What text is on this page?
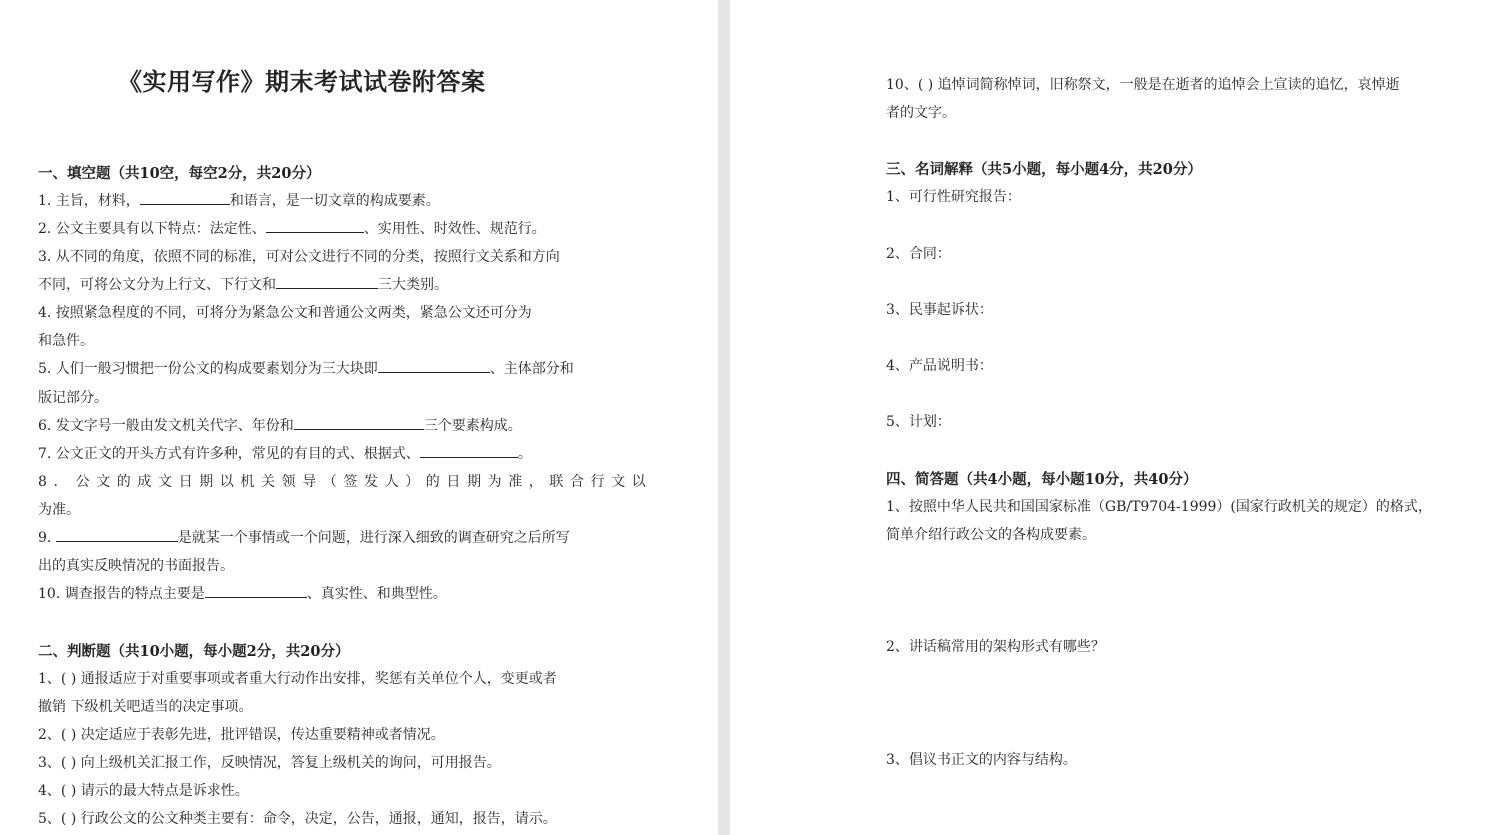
《实用写作》期末考试试卷附答案
一、填空题（共10空，每空2分，共20分）
1. 主旨，材料，	和语言，是一切文章的构成要素。
2. 公文主要具有以下特点：法定性、	、实用性、时效性、规范行。
3. 从不同的角度，依照不同的标准，可对公文进行不同的分类，按照行文关系和方向
不同，可将公文分为上行文、下行文和	三大类别。
4. 按照紧急程度的不同，可将分为紧急公文和普通公文两类，紧急公文还可分为
和急件。
5. 人们一般习惯把一份公文的构成要素划分为三大块即	、主体部分和
版记部分。
6. 发文字号一般由发文机关代字、年份和	三个要素构成。
7. 公文正文的开头方式有许多种，常见的有目的式、根据式、	。
8. 公文的成文日期以机关领导（签发人）的日期为准，联合行文以
为准。
9.	是就某一个事情或一个问题，进行深入细致的调查研究之后所写
出的真实反映情况的书面报告。
10. 调查报告的特点主要是	、真实性、和典型性。
二、判断题（共10小题，每小题2分，共20分）
1、( ) 通报适应于对重要事项或者重大行动作出安排，奖惩有关单位个人，变更或者
撤销 下级机关吧适当的决定事项。
2、( ) 决定适应于表彰先进，批评错误，传达重要精神或者情况。
3、( ) 向上级机关汇报工作，反映情况，答复上级机关的询问，可用报告。
4、( ) 请示的最大特点是诉求性。
5、( ) 行政公文的公文种类主要有：命令，决定，公告，通报，通知，报告，请示。
10、( ) 追悼词简称悼词，旧称祭文，一般是在逝者的追悼会上宣读的追忆，哀悼逝
者的文字。
三、名词解释（共5小题，每小题4分，共20分）
1、可行性研究报告：
2、合同：
3、民事起诉状：
4、产品说明书：
5、计划：
四、简答题（共4小题，每小题10分，共40分）
1、按照中华人民共和国国家标准（GB/T9704-1999）(国家行政机关的规定）的格式，
简单介绍行政公文的各构成要素。
2、讲话稿常用的架构形式有哪些？
3、倡议书正文的内容与结构。
